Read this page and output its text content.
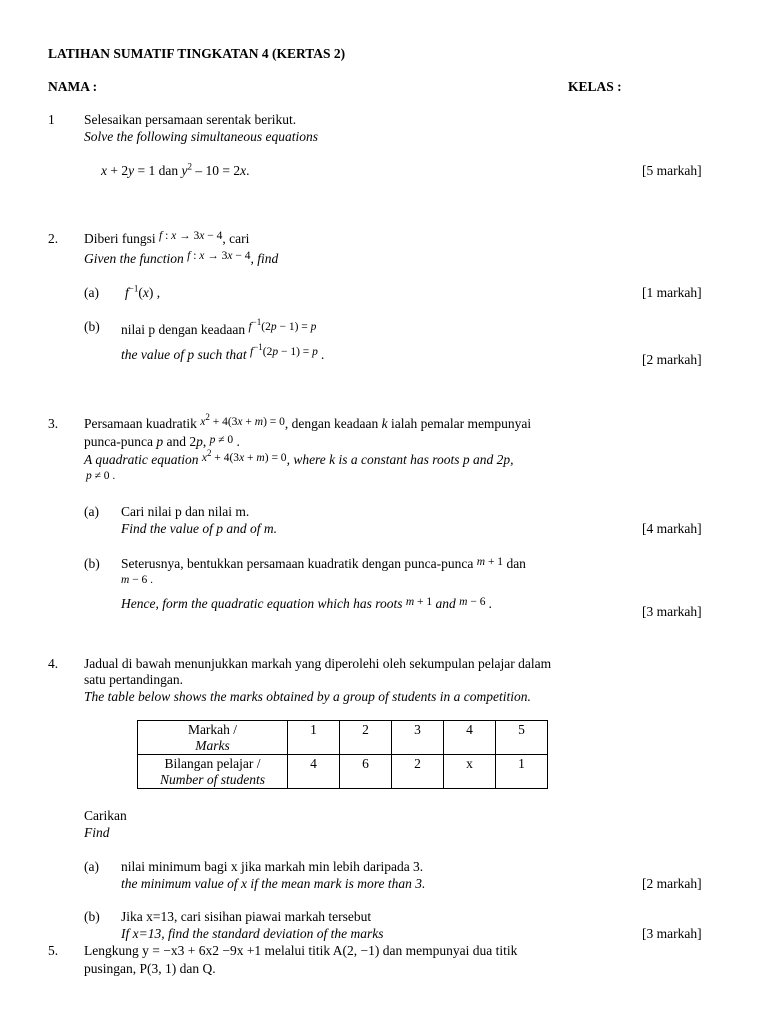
LATIHAN SUMATIF TINGKATAN 4 (KERTAS 2)
NAMA :	KELAS :
1 Selesaikan persamaan serentak berikut.
Solve the following simultaneous equations
x + 2y = 1 dan $y^2 - 10 = 2x$.	[5 markah]
2. Diberi fungsi f : x → 3x − 4, cari
Given the function f : x → 3x − 4, find
(a) $f^{-1}(x)$ ,	[1 markah]
(b) nilai p dengan keadaan $f^{-1}(2p - 1) = p$
the value of p such that $f^{-1}(2p - 1) = p$ .	[2 markah]
3. Persamaan kuadratik $x^2 + 4(3x + m) = 0$, dengan keadaan k ialah pemalar mempunyai
punca-punca p and 2p, p ≠ 0 .
A quadratic equation $x^2 + 4(3x + m) = 0$, where k is a constant has roots p and 2p,
p ≠ 0 .
(a) Cari nilai p dan nilai m.
Find the value of p and of m.	[4 markah]
(b) Seterusnya, bentukkan persamaan kuadratik dengan punca-punca m + 1 dan
m − 6 .
Hence, form the quadratic equation which has roots m + 1 and m − 6 .
[3 markah]
4. Jadual di bawah menunjukkan markah yang diperolehi oleh sekumpulan pelajar dalam
satu pertandingan.
The table below shows the marks obtained by a group of students in a competition.
Markah /
Marks	1	2	3	4	5
Bilangan pelajar /
Number of students	4	6	2	x	1
Carikan
Find
(a) nilai minimum bagi x jika markah min lebih daripada 3.
the minimum value of x if the mean mark is more than 3.	[2 markah]
(b) Jika x=13, cari sisihan piawai markah tersebut
If x=13, find the standard deviation of the marks	[3 markah]
5. Lengkung y = −x3 + 6x2 −9x +1 melalui titik A(2, −1) dan mempunyai dua titik
pusingan, P(3, 1) dan Q.
